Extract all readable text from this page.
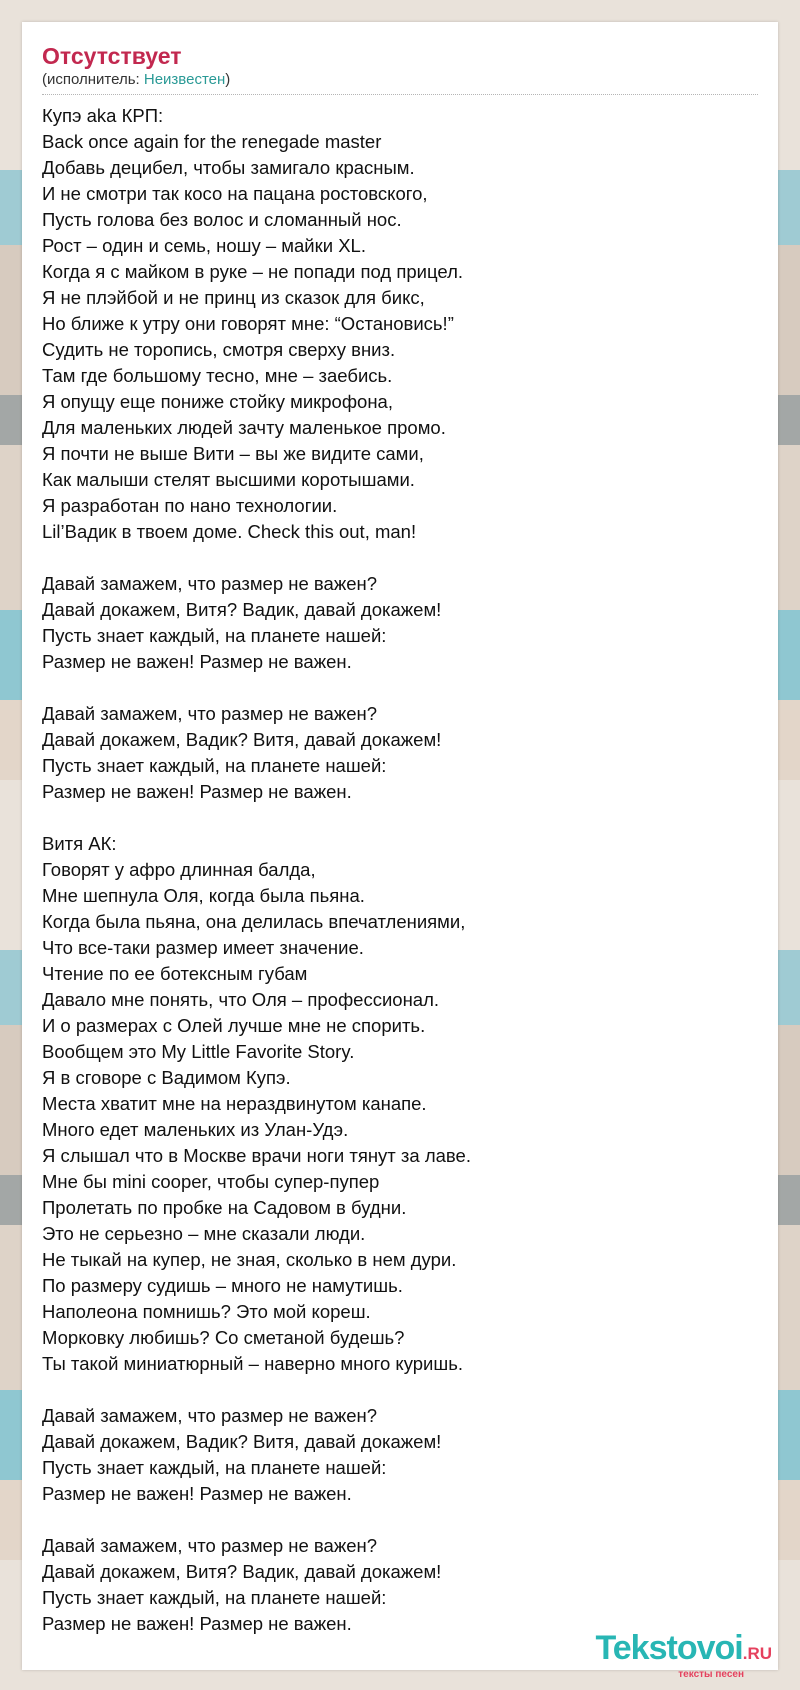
Отсутствует
(исполнитель: Неизвестен)
Купэ aka КРП:
Back once again for the renegade master
Добавь децибел, чтобы замигало красным.
И не смотри так косо на пацана ростовского,
Пусть голова без волос и сломанный нос.
Рост – один и семь, ношу – майки XL.
Когда я с майком в руке – не попади под прицел.
Я не плэйбой и не принц из сказок для бикс,
Но ближе к утру они говорят мне: “Остановись!”
Судить не торопись, смотря сверху вниз.
Там где большому тесно, мне – заебись.
Я опущу еще пониже стойку микрофона,
Для маленьких людей зачту маленькое промо.
Я почти не выше Вити – вы же видите сами,
Как малыши стелят высшими коротышами.
Я разработан по нано технологии.
Lil’Вадик в твоем доме. Check this out, man!
Давай замажем, что размер не важен?
Давай докажем, Витя? Вадик, давай докажем!
Пусть знает каждый, на планете нашей:
Размер не важен! Размер не важен.
Давай замажем, что размер не важен?
Давай докажем, Вадик? Витя, давай докажем!
Пусть знает каждый, на планете нашей:
Размер не важен! Размер не важен.
Витя АК:
Говорят у афро длинная балда,
Мне шепнула Оля, когда была пьяна.
Когда была пьяна, она делилась впечатлениями,
Что все-таки размер имеет значение.
Чтение по ее ботексным губам
Давало мне понять, что Оля – профессионал.
И о размерах с Олей лучше мне не спорить.
Вообщем это My Little Favorite Story.
Я в сговоре с Вадимом Купэ.
Места хватит мне на нераздвинутом канапе.
Много едет маленьких из Улан-Удэ.
Я слышал что в Москве врачи ноги тянут за лаве.
Мне бы mini cooper, чтобы супер-пупер
Пролетать по пробке на Садовом в будни.
Это не серьезно – мне сказали люди.
Не тыкай на купер, не зная, сколько в нем дури.
По размеру судишь – много не намутишь.
Наполеона помнишь? Это мой кореш.
Морковку любишь? Со сметаной будешь?
Ты такой миниатюрный – наверно много куришь.
Давай замажем, что размер не важен?
Давай докажем, Вадик? Витя, давай докажем!
Пусть знает каждый, на планете нашей:
Размер не важен! Размер не важен.
Давай замажем, что размер не важен?
Давай докажем, Витя? Вадик, давай докажем!
Пусть знает каждый, на планете нашей:
Размер не важен! Размер не важен.
Tekstovoi.RU
тексты песен
